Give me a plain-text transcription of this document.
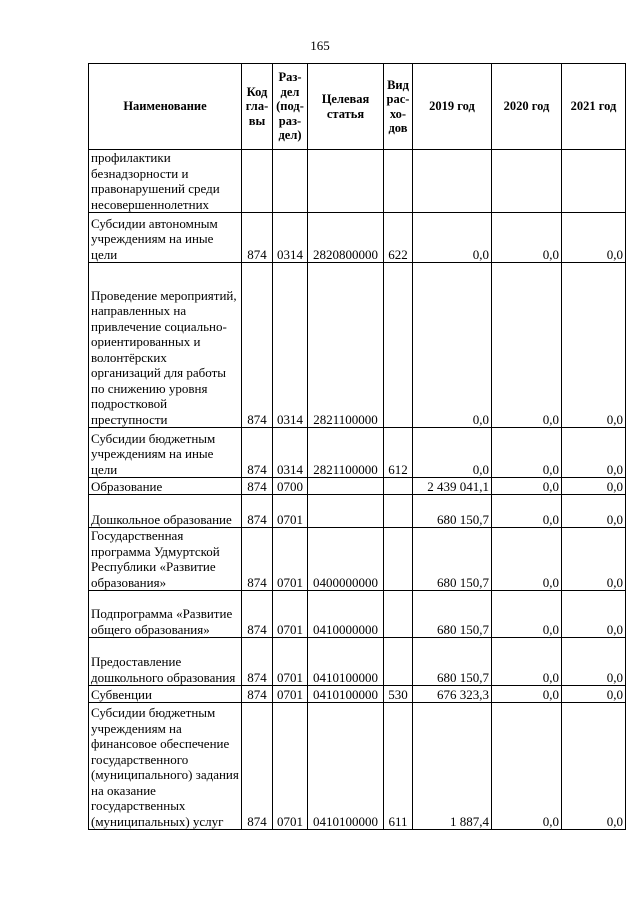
165
Наименование	Код гла-вы	Раз-дел (под-раз-дел)	Целевая статья	Вид рас-хо-дов	2019 год	2020 год	2021 год
профилактики безнадзорности и правонарушений среди несовершеннолетних							
Субсидии автономным учреждениям на иные цели	874	0314	2820800000	622	0,0	0,0	0,0
Проведение мероприятий, направленных на привлечение социально-ориентированных и волонтёрских организаций для работы по снижению уровня подростковой преступности	874	0314	2821100000		0,0	0,0	0,0
Субсидии бюджетным учреждениям на иные цели	874	0314	2821100000	612	0,0	0,0	0,0
Образование	874	0700			2 439 041,1	0,0	0,0
Дошкольное образование	874	0701			680 150,7	0,0	0,0
Государственная программа Удмуртской Республики «Развитие образования»	874	0701	0400000000		680 150,7	0,0	0,0
Подпрограмма «Развитие общего образования»	874	0701	0410000000		680 150,7	0,0	0,0
Предоставление дошкольного образования	874	0701	0410100000		680 150,7	0,0	0,0
Субвенции	874	0701	0410100000	530	676 323,3	0,0	0,0
Субсидии бюджетным учреждениям на финансовое обеспечение государственного (муниципального) задания на оказание государственных (муниципальных) услуг	874	0701	0410100000	611	1 887,4	0,0	0,0
